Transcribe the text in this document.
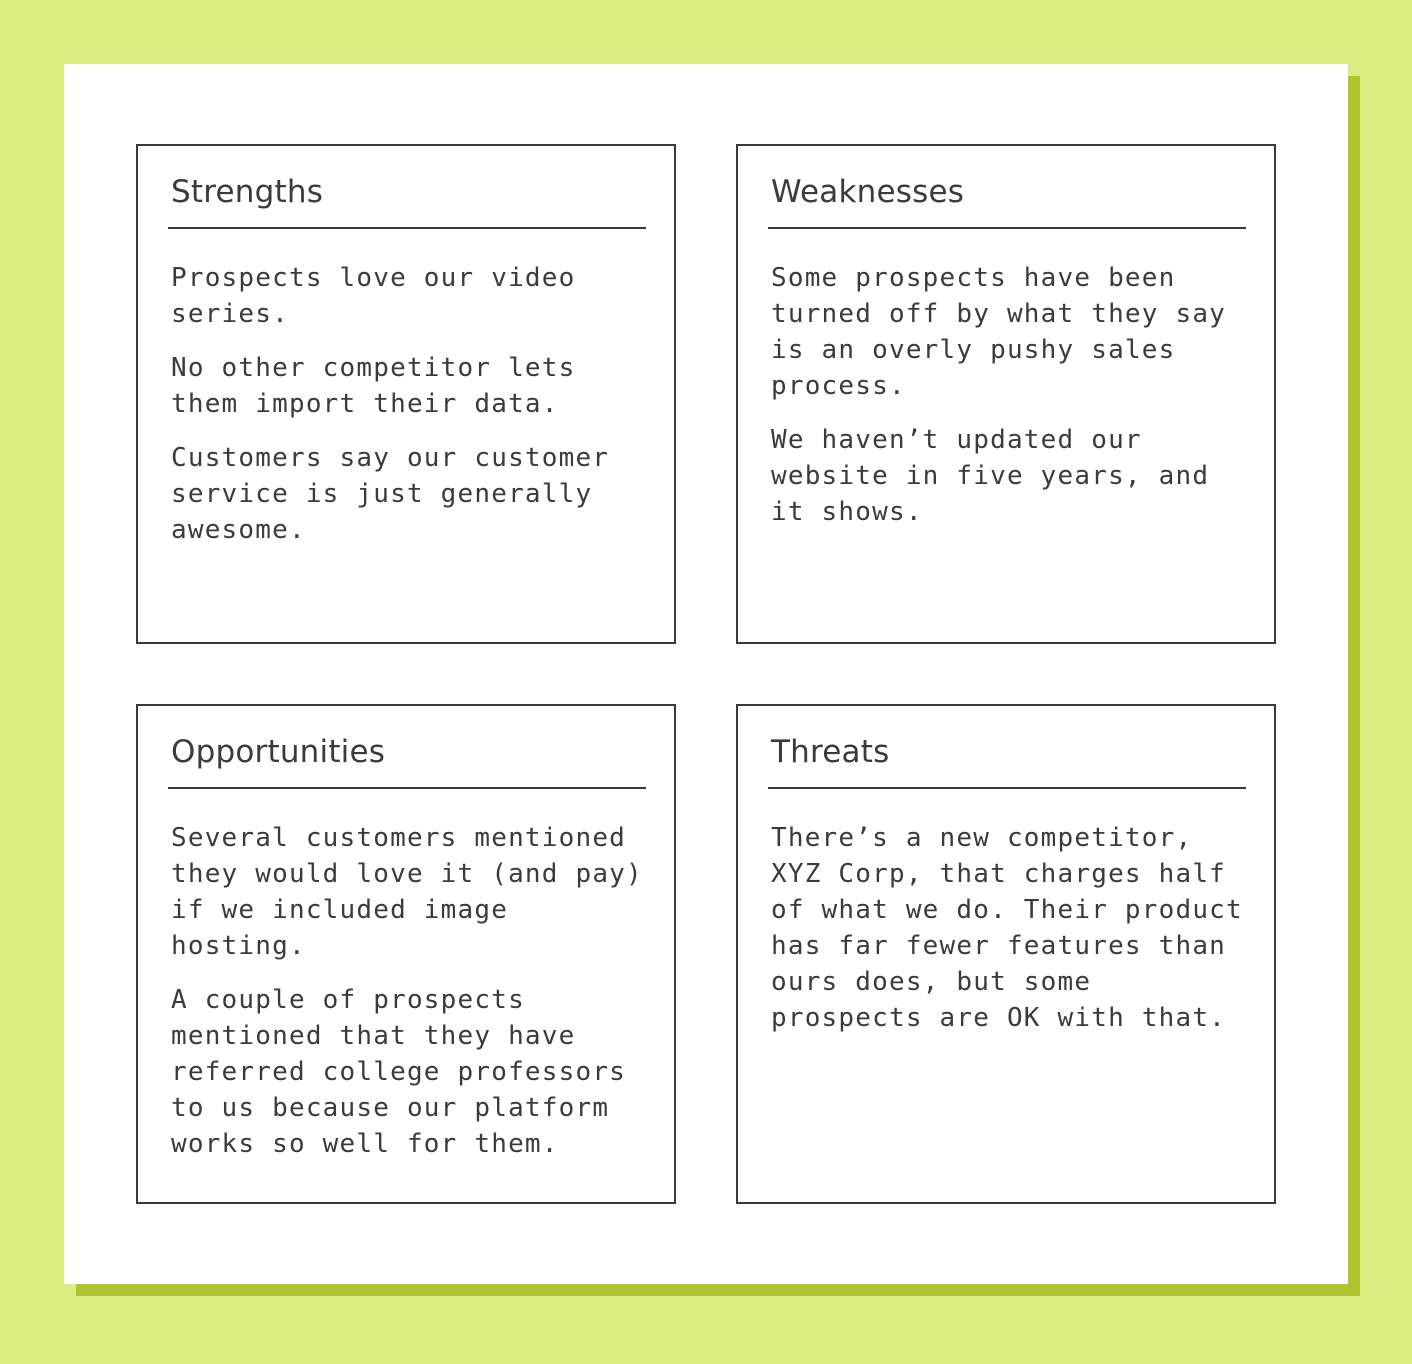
Strengths

Prospects love our video
series.

No other competitor lets
them import their data.

Customers say our customer
service is just generally
awesome.

Weaknesses

Some prospects have been
turned off by what they say
is an overly pushy sales
process.

We haven’t updated our
website in five years, and
it shows.

Opportunities

Several customers mentioned
they would love it (and pay)
if we included image
hosting.

A couple of prospects
mentioned that they have
referred college professors
to us because our platform
works so well for them.

Threats

There’s a new competitor,
XYZ Corp, that charges half
of what we do. Their product
has far fewer features than
ours does, but some
prospects are OK with that.
